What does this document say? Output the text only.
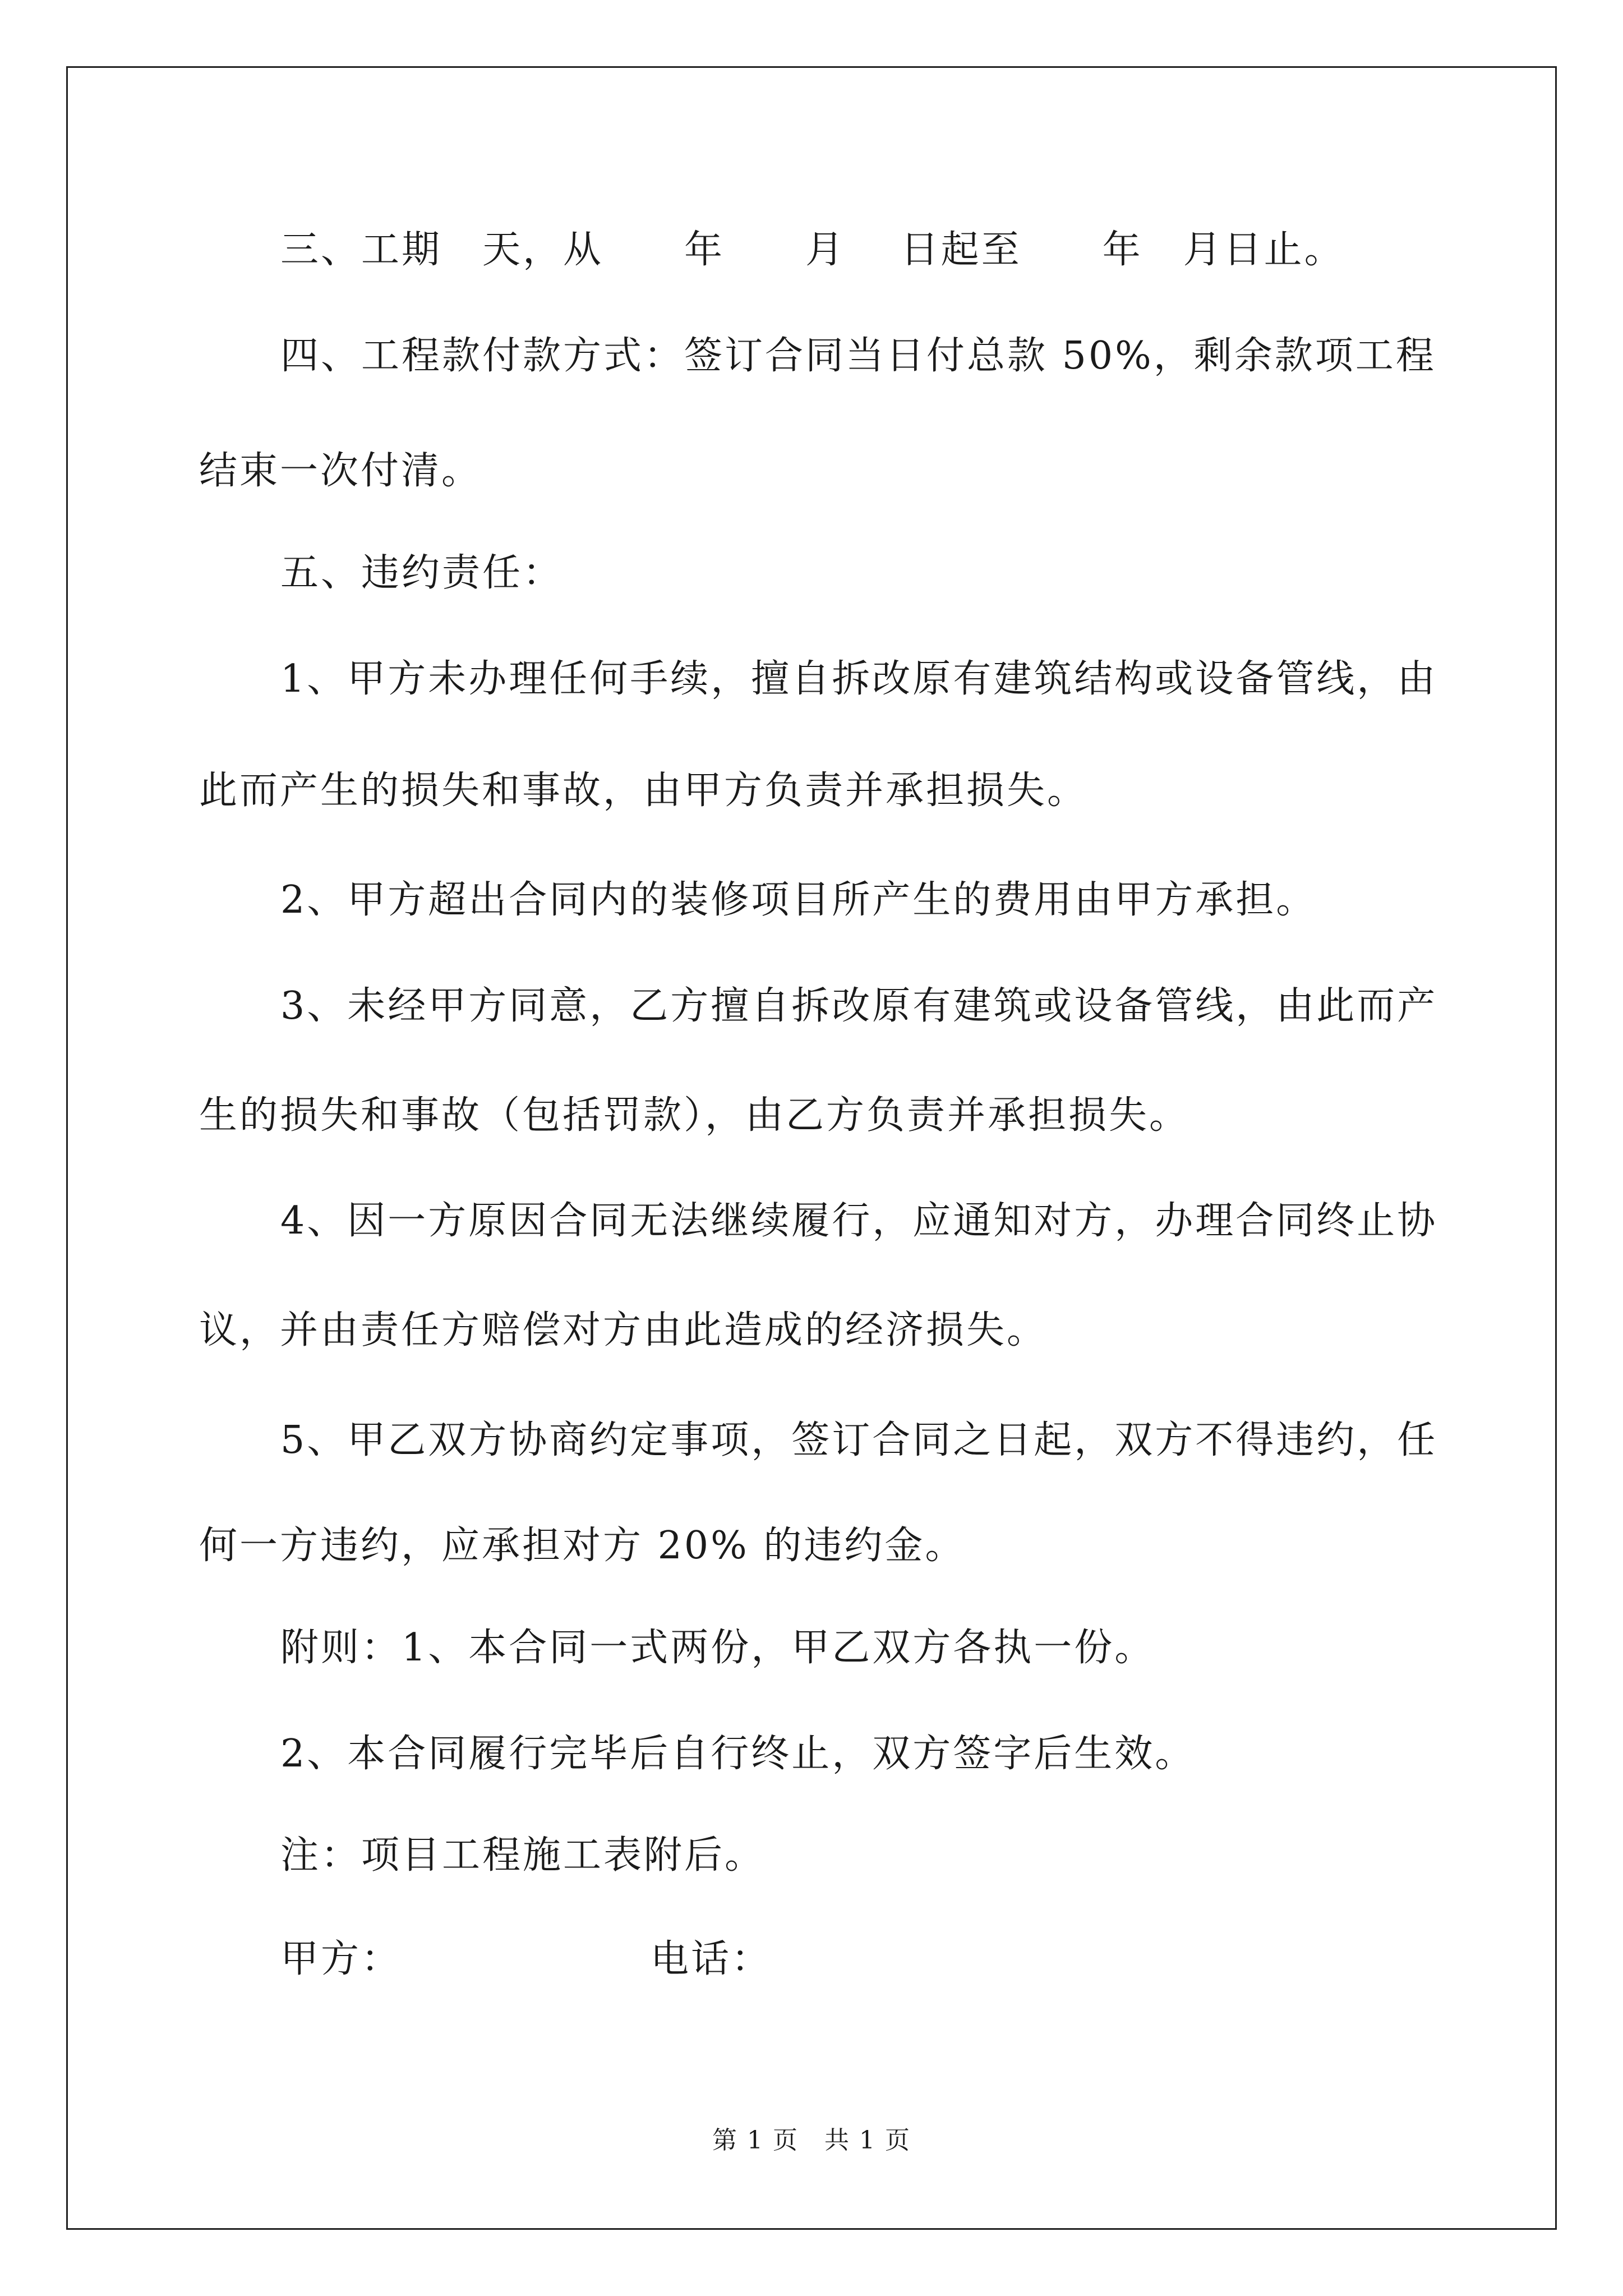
三、工期　天，从　　年　　月　 日起至　　年　月日止。

四、工程款付款方式：签订合同当日付总款 50%，剩余款项工程

结束一次付清。

五、违约责任：

1、甲方未办理任何手续，擅自拆改原有建筑结构或设备管线，由

此而产生的损失和事故，由甲方负责并承担损失。

2、甲方超出合同内的装修项目所产生的费用由甲方承担。

3、未经甲方同意，乙方擅自拆改原有建筑或设备管线，由此而产

生的损失和事故（包括罚款），由乙方负责并承担损失。

4、因一方原因合同无法继续履行，应通知对方，办理合同终止协

议，并由责任方赔偿对方由此造成的经济损失。

5、甲乙双方协商约定事项，签订合同之日起，双方不得违约，任

何一方违约，应承担对方 20% 的违约金。

附则：1、本合同一式两份，甲乙双方各执一份。

2、本合同履行完毕后自行终止，双方签字后生效。

注：项目工程施工表附后。

甲方：	电话：
第 1 页　共 1 页
